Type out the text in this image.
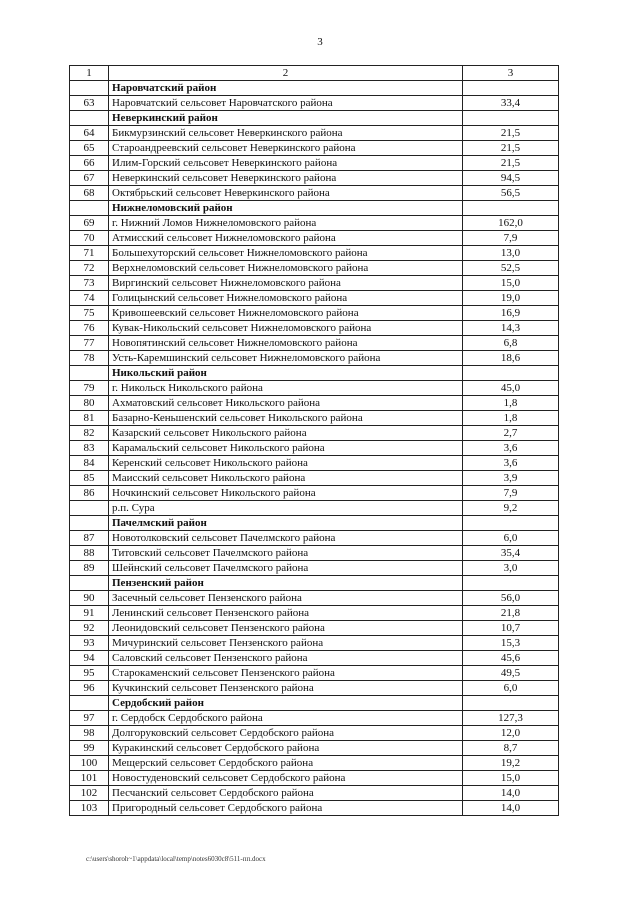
3
1	2	3
	Наровчатский район	
63	Наровчатский сельсовет Наровчатского района	33,4
	Неверкинский район	
64	Бикмурзинский сельсовет Неверкинского района	21,5
65	Староандреевский сельсовет Неверкинского района	21,5
66	Илим-Горский сельсовет Неверкинского района	21,5
67	Неверкинский сельсовет Неверкинского района	94,5
68	Октябрьский сельсовет Неверкинского района	56,5
	Нижнеломовский район	
69	г. Нижний Ломов Нижнеломовского района	162,0
70	Атмисский сельсовет Нижнеломовского района	7,9
71	Большехуторский сельсовет Нижнеломовского района	13,0
72	Верхнеломовский сельсовет Нижнеломовского района	52,5
73	Виргинский сельсовет Нижнеломовского района	15,0
74	Голицынский сельсовет Нижнеломовского района	19,0
75	Кривошеевский сельсовет Нижнеломовского района	16,9
76	Кувак-Никольский сельсовет Нижнеломовского района	14,3
77	Новопятинский сельсовет Нижнеломовского района	6,8
78	Усть-Каремшинский сельсовет Нижнеломовского района	18,6
	Никольский район	
79	г. Никольск Никольского района	45,0
80	Ахматовский сельсовет Никольского района	1,8
81	Базарно-Кеньшенский сельсовет Никольского района	1,8
82	Казарский сельсовет Никольского района	2,7
83	Карамальский сельсовет Никольского района	3,6
84	Керенский сельсовет Никольского района	3,6
85	Маисский сельсовет Никольского района	3,9
86	Ночкинский сельсовет Никольского района	7,9
	р.п. Сура	9,2
	Пачелмский район	
87	Новотолковский сельсовет Пачелмского района	6,0
88	Титовский сельсовет Пачелмского района	35,4
89	Шейнский сельсовет Пачелмского района	3,0
	Пензенский район	
90	Засечный сельсовет Пензенского района	56,0
91	Ленинский сельсовет Пензенского района	21,8
92	Леонидовский сельсовет Пензенского района	10,7
93	Мичуринский сельсовет Пензенского района	15,3
94	Саловский сельсовет Пензенского района	45,6
95	Старокаменский сельсовет Пензенского района	49,5
96	Кучкинский сельсовет Пензенского района	6,0
	Сердобский район	
97	г. Сердобск Сердобского района	127,3
98	Долгоруковский сельсовет Сердобского района	12,0
99	Куракинский сельсовет Сердобского района	8,7
100	Мещерский сельсовет Сердобского района	19,2
101	Новостуденовский сельсовет Сердобского района	15,0
102	Песчанский сельсовет Сердобского района	14,0
103	Пригородный сельсовет Сердобского района	14,0
c:\users\shoroh~1\appdata\local\temp\notes6030c8\511-пп.docx
